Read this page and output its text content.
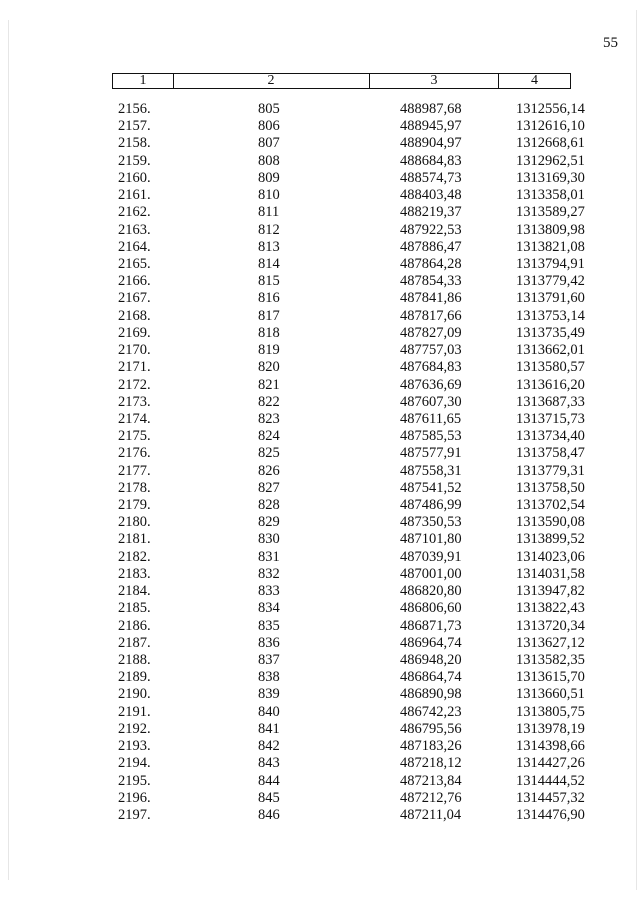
55
1	2	3	4
2156.	805	488987,68	1312556,14
2157.	806	488945,97	1312616,10
2158.	807	488904,97	1312668,61
2159.	808	488684,83	1312962,51
2160.	809	488574,73	1313169,30
2161.	810	488403,48	1313358,01
2162.	811	488219,37	1313589,27
2163.	812	487922,53	1313809,98
2164.	813	487886,47	1313821,08
2165.	814	487864,28	1313794,91
2166.	815	487854,33	1313779,42
2167.	816	487841,86	1313791,60
2168.	817	487817,66	1313753,14
2169.	818	487827,09	1313735,49
2170.	819	487757,03	1313662,01
2171.	820	487684,83	1313580,57
2172.	821	487636,69	1313616,20
2173.	822	487607,30	1313687,33
2174.	823	487611,65	1313715,73
2175.	824	487585,53	1313734,40
2176.	825	487577,91	1313758,47
2177.	826	487558,31	1313779,31
2178.	827	487541,52	1313758,50
2179.	828	487486,99	1313702,54
2180.	829	487350,53	1313590,08
2181.	830	487101,80	1313899,52
2182.	831	487039,91	1314023,06
2183.	832	487001,00	1314031,58
2184.	833	486820,80	1313947,82
2185.	834	486806,60	1313822,43
2186.	835	486871,73	1313720,34
2187.	836	486964,74	1313627,12
2188.	837	486948,20	1313582,35
2189.	838	486864,74	1313615,70
2190.	839	486890,98	1313660,51
2191.	840	486742,23	1313805,75
2192.	841	486795,56	1313978,19
2193.	842	487183,26	1314398,66
2194.	843	487218,12	1314427,26
2195.	844	487213,84	1314444,52
2196.	845	487212,76	1314457,32
2197.	846	487211,04	1314476,90
